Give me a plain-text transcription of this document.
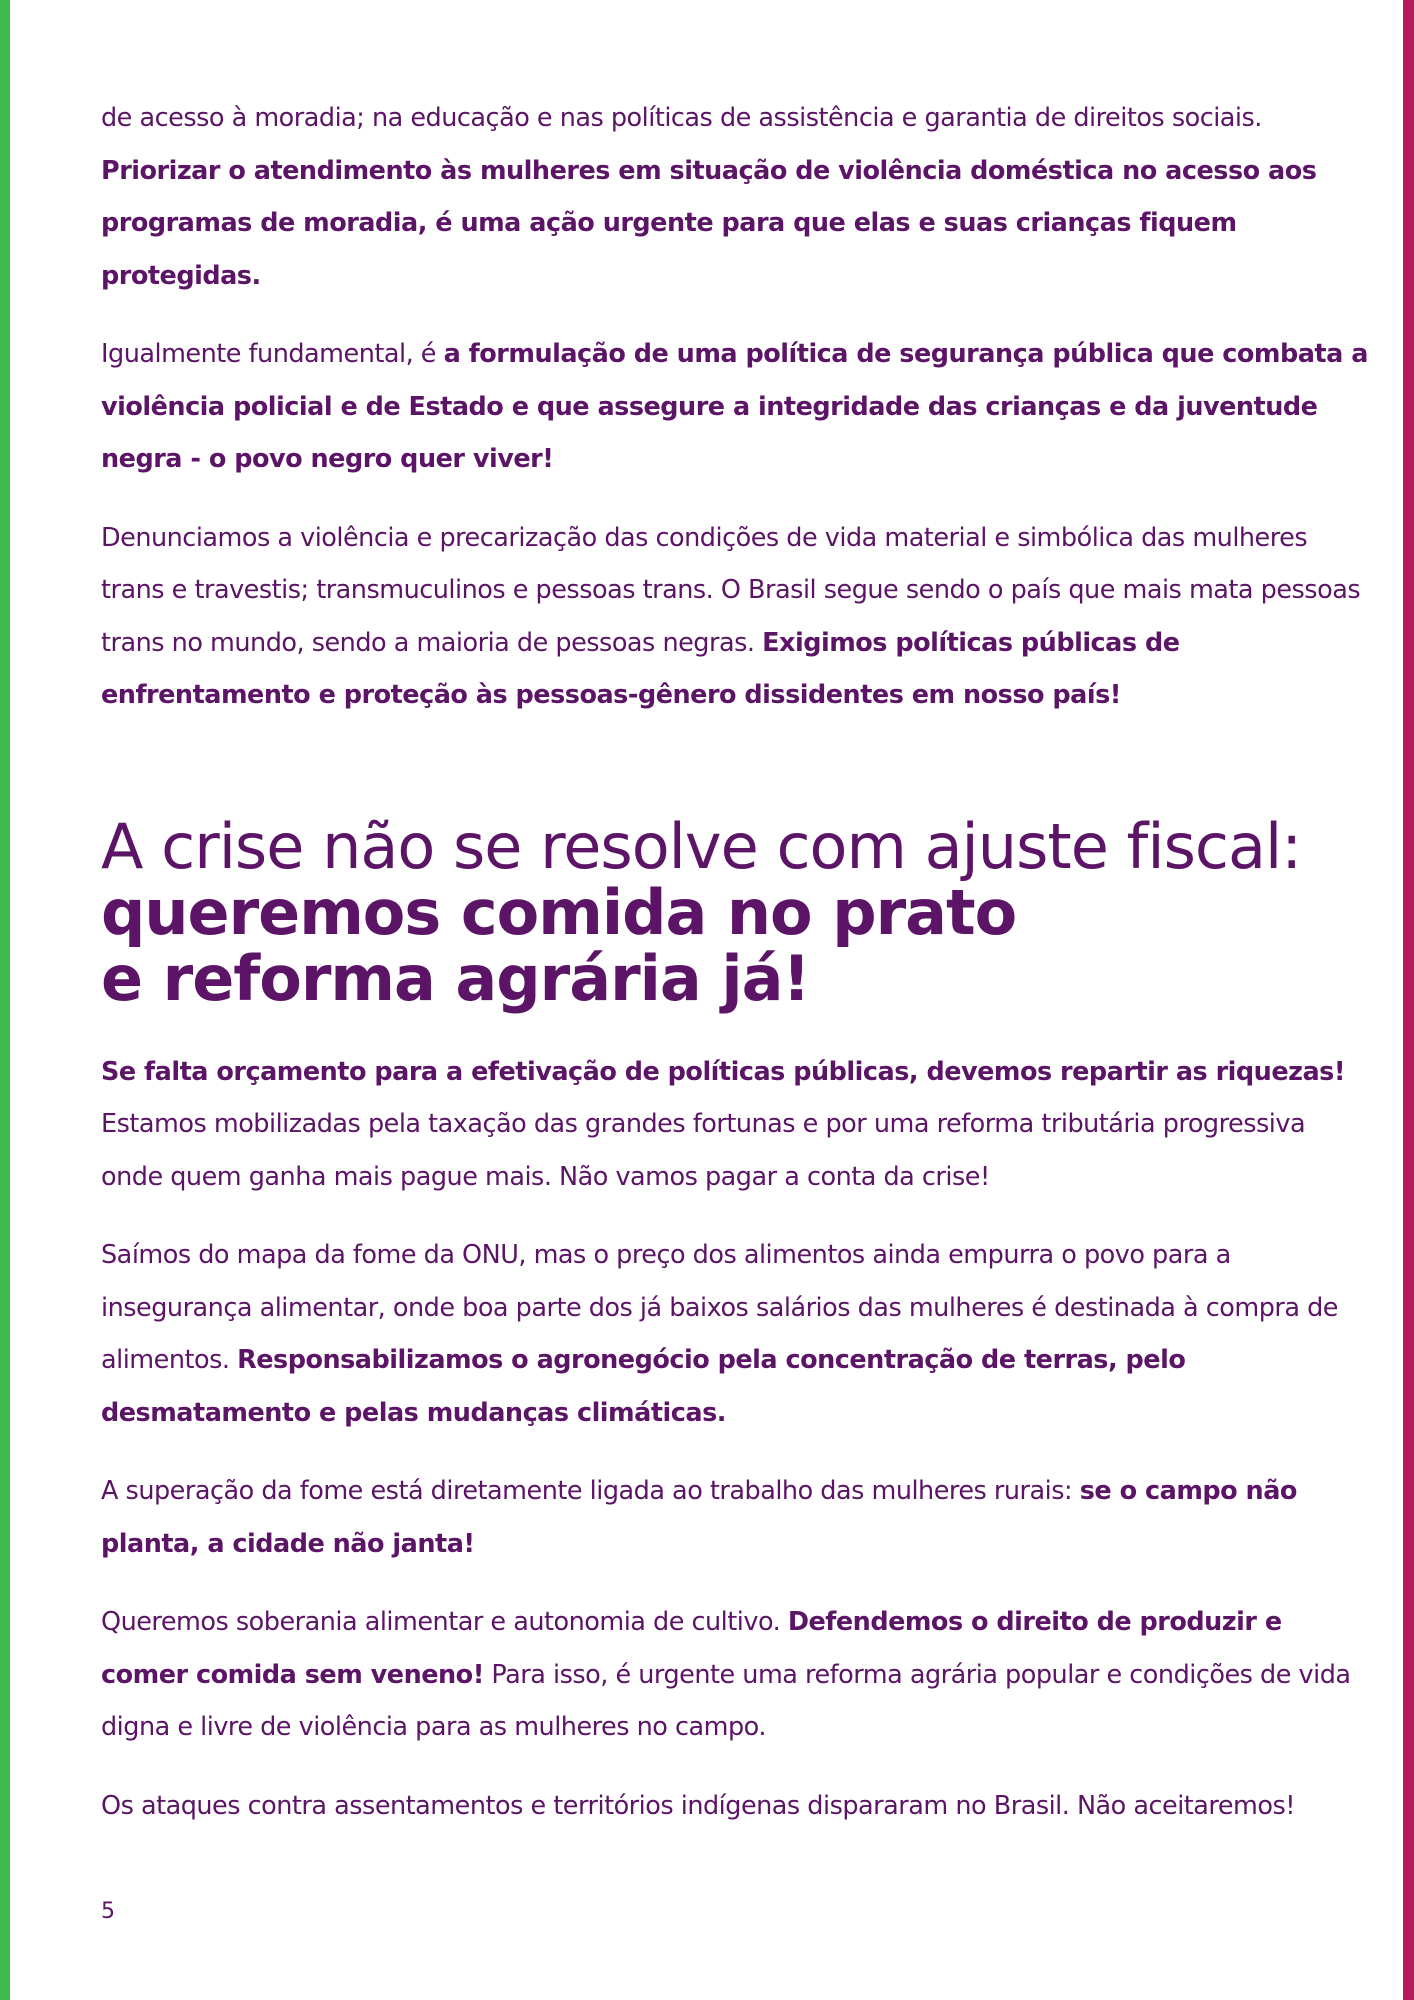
de acesso à moradia; na educação e nas políticas de assistência e garantia de direitos sociais. Priorizar o atendimento às mulheres em situação de violência doméstica no acesso aos programas de moradia, é uma ação urgente para que elas e suas crianças fiquem protegidas.

Igualmente fundamental, é a formulação de uma política de segurança pública que combata a violência policial e de Estado e que assegure a integridade das crianças e da juventude negra - o povo negro quer viver!

Denunciamos a violência e precarização das condições de vida material e simbólica das mulheres trans e travestis; transmuculinos e pessoas trans. O Brasil segue sendo o país que mais mata pessoas trans no mundo, sendo a maioria de pessoas negras. Exigimos políticas públicas de enfrentamento e proteção às pessoas-gênero dissidentes em nosso país!

A crise não se resolve com ajuste fiscal:
queremos comida no prato
e reforma agrária já!

Se falta orçamento para a efetivação de políticas públicas, devemos repartir as riquezas! Estamos mobilizadas pela taxação das grandes fortunas e por uma reforma tributária progressiva onde quem ganha mais pague mais. Não vamos pagar a conta da crise!

Saímos do mapa da fome da ONU, mas o preço dos alimentos ainda empurra o povo para a insegurança alimentar, onde boa parte dos já baixos salários das mulheres é destinada à compra de alimentos. Responsabilizamos o agronegócio pela concentração de terras, pelo desmatamento e pelas mudanças climáticas.

A superação da fome está diretamente ligada ao trabalho das mulheres rurais: se o campo não planta, a cidade não janta!

Queremos soberania alimentar e autonomia de cultivo. Defendemos o direito de produzir e comer comida sem veneno! Para isso, é urgente uma reforma agrária popular e condições de vida digna e livre de violência para as mulheres no campo.

Os ataques contra assentamentos e territórios indígenas dispararam no Brasil. Não aceitaremos!

5
